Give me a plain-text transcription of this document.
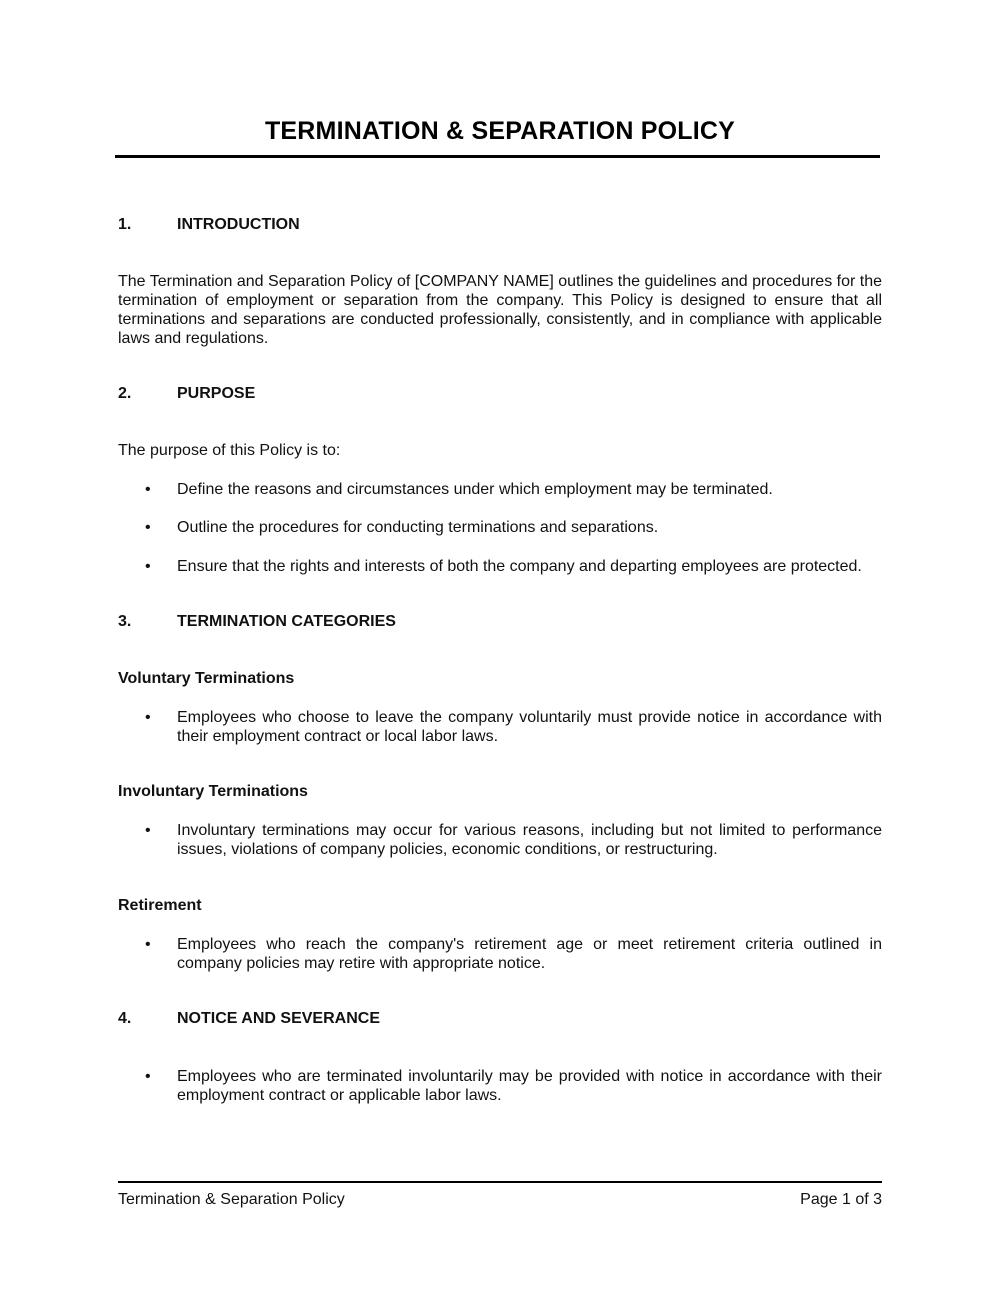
TERMINATION & SEPARATION POLICY
1.	INTRODUCTION
The Termination and Separation Policy of [COMPANY NAME] outlines the guidelines and procedures for the termination of employment or separation from the company. This Policy is designed to ensure that all terminations and separations are conducted professionally, consistently, and in compliance with applicable laws and regulations.
2.	PURPOSE
The purpose of this Policy is to:
•	Define the reasons and circumstances under which employment may be terminated.
•	Outline the procedures for conducting terminations and separations.
•	Ensure that the rights and interests of both the company and departing employees are protected.
3.	TERMINATION CATEGORIES
Voluntary Terminations
•	Employees who choose to leave the company voluntarily must provide notice in accordance with their employment contract or local labor laws.
Involuntary Terminations
•	Involuntary terminations may occur for various reasons, including but not limited to performance issues, violations of company policies, economic conditions, or restructuring.
Retirement
•	Employees who reach the company's retirement age or meet retirement criteria outlined in company policies may retire with appropriate notice.
4.	NOTICE AND SEVERANCE
•	Employees who are terminated involuntarily may be provided with notice in accordance with their employment contract or applicable labor laws.
Termination & Separation Policy	Page 1 of 3
